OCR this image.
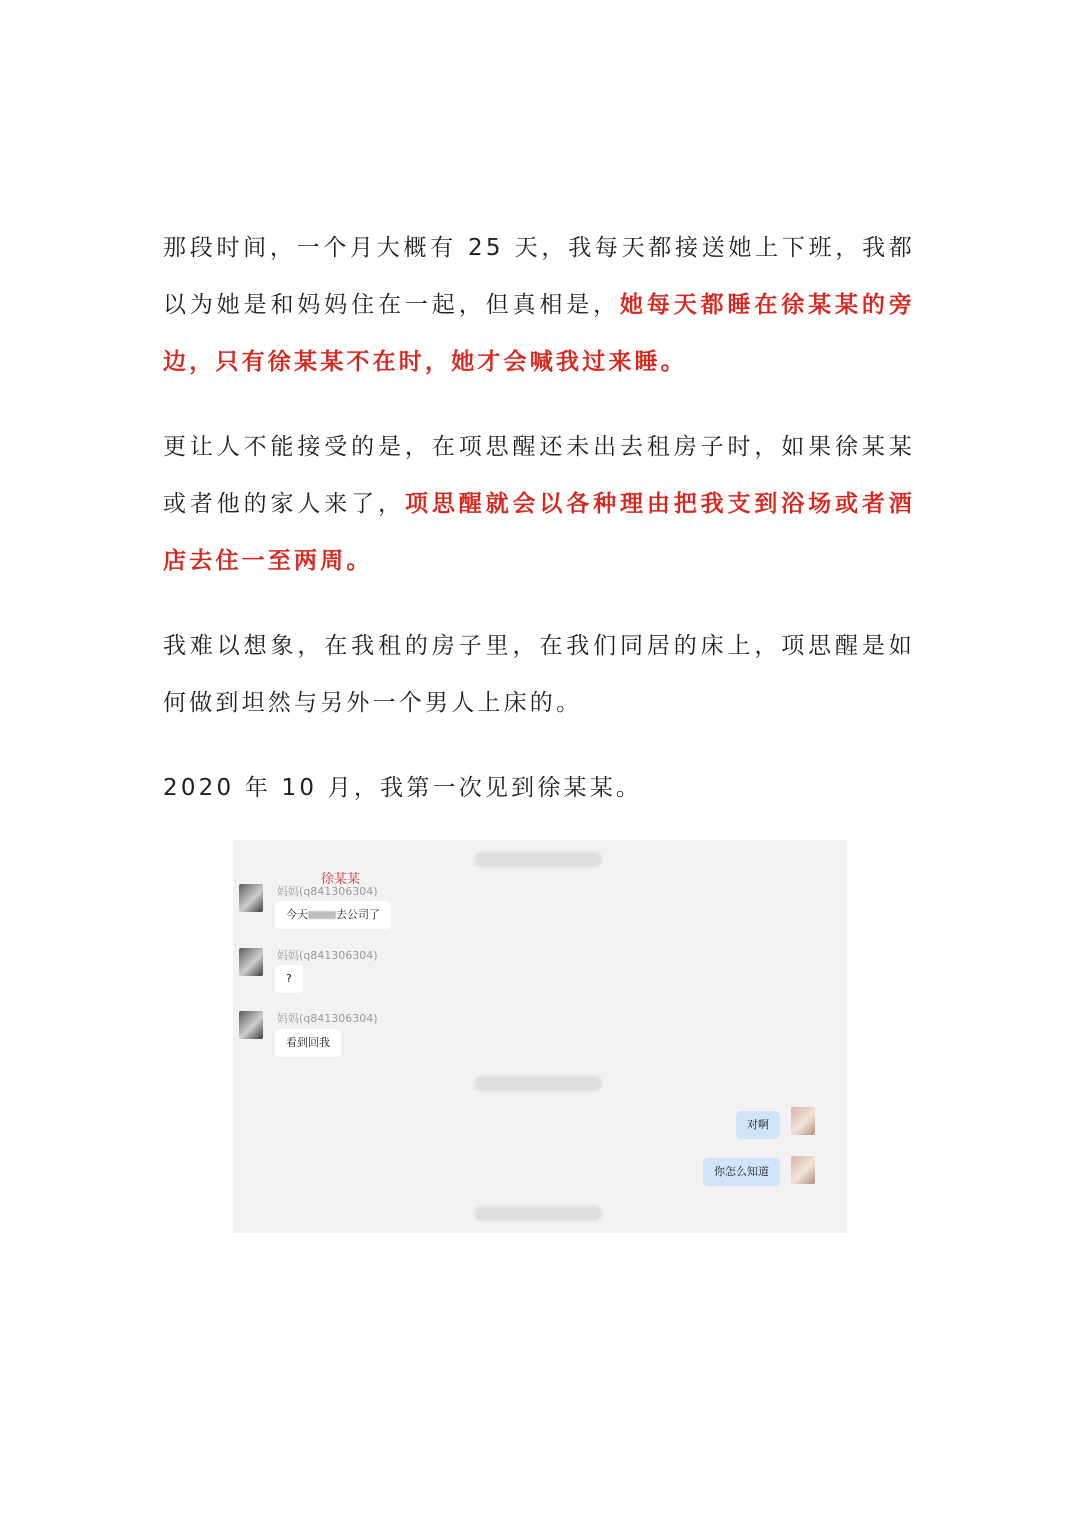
那段时间，一个月大概有 25 天，我每天都接送她上下班，我都以为她是和妈妈住在一起，但真相是，她每天都睡在徐某某的旁边，只有徐某某不在时，她才会喊我过来睡。

更让人不能接受的是，在项思醒还未出去租房子时，如果徐某某或者他的家人来了，项思醒就会以各种理由把我支到浴场或者酒店去住一至两周。

我难以想象，在我租的房子里，在我们同居的床上，项思醒是如何做到坦然与另外一个男人上床的。

2020 年 10 月，我第一次见到徐某某。

徐某某
妈妈(q841306304)
今天	去公司了
妈妈(q841306304)
?
妈妈(q841306304)
看到回我
对啊
你怎么知道
